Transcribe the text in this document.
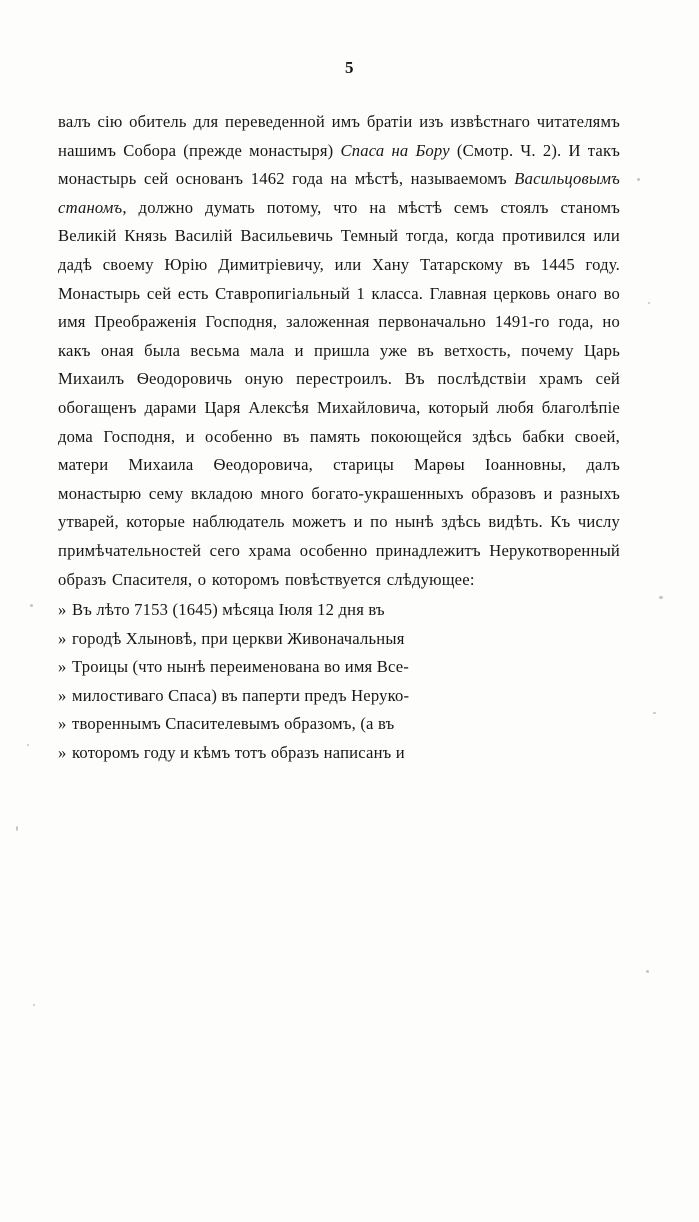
5

валъ сію обитель для переведенной имъ братіи изъ извѣстнаго читателямъ нашимъ Собора (прежде монастыря) Спаса на Бору (Смотр. Ч. 2). И такъ монастырь сей основанъ 1462 года на мѣстѣ, называемомъ Васильцовымъ станомъ, должно думать потому, что на мѣстѣ семъ стоялъ станомъ Великій Князь Василій Васильевичь Темный тогда, когда противился или дадѣ своему Юрію Димитріевичу, или Хану Татарскому въ 1445 году. Монастырь сей есть Ставропигіальный 1 класса. Главная церковь онаго во имя Преображенія Господня, заложенная первоначально 1491-го года, но какъ оная была весьма мала и пришла уже въ ветхость, почему Царь Михаилъ Ѳеодоровичь оную перестроилъ. Въ послѣдствіи храмъ сей обогащенъ дарами Царя Алексѣя Михайловича, который любя благолѣпіе дома Господня, и особенно въ память покоющейся здѣсь бабки своей, матери Михаила Ѳеодоровича, старицы Марѳы Іоанновны, далъ монастырю сему вкладою много богато-украшенныхъ образовъ и разныхъ утварей, которые наблюдатель можетъ и по нынѣ здѣсь видѣть. Къ числу примѣчательностей сего храма особенно принадлежитъ Нерукотворенный образъ Спасителя, о которомъ повѣствуется слѣдующее:

» Въ лѣто 7153 (1645) мѣсяца Іюля 12 дня въ
» городѣ Хлыновѣ, при церкви Живоначальныя
» Троицы (что нынѣ переименована во имя Все-
» милостиваго Спаса) въ паперти предъ Неруко-
» твореннымъ Спасителевымъ образомъ, (а въ
» которомъ году и кѣмъ тотъ образъ написанъ и
